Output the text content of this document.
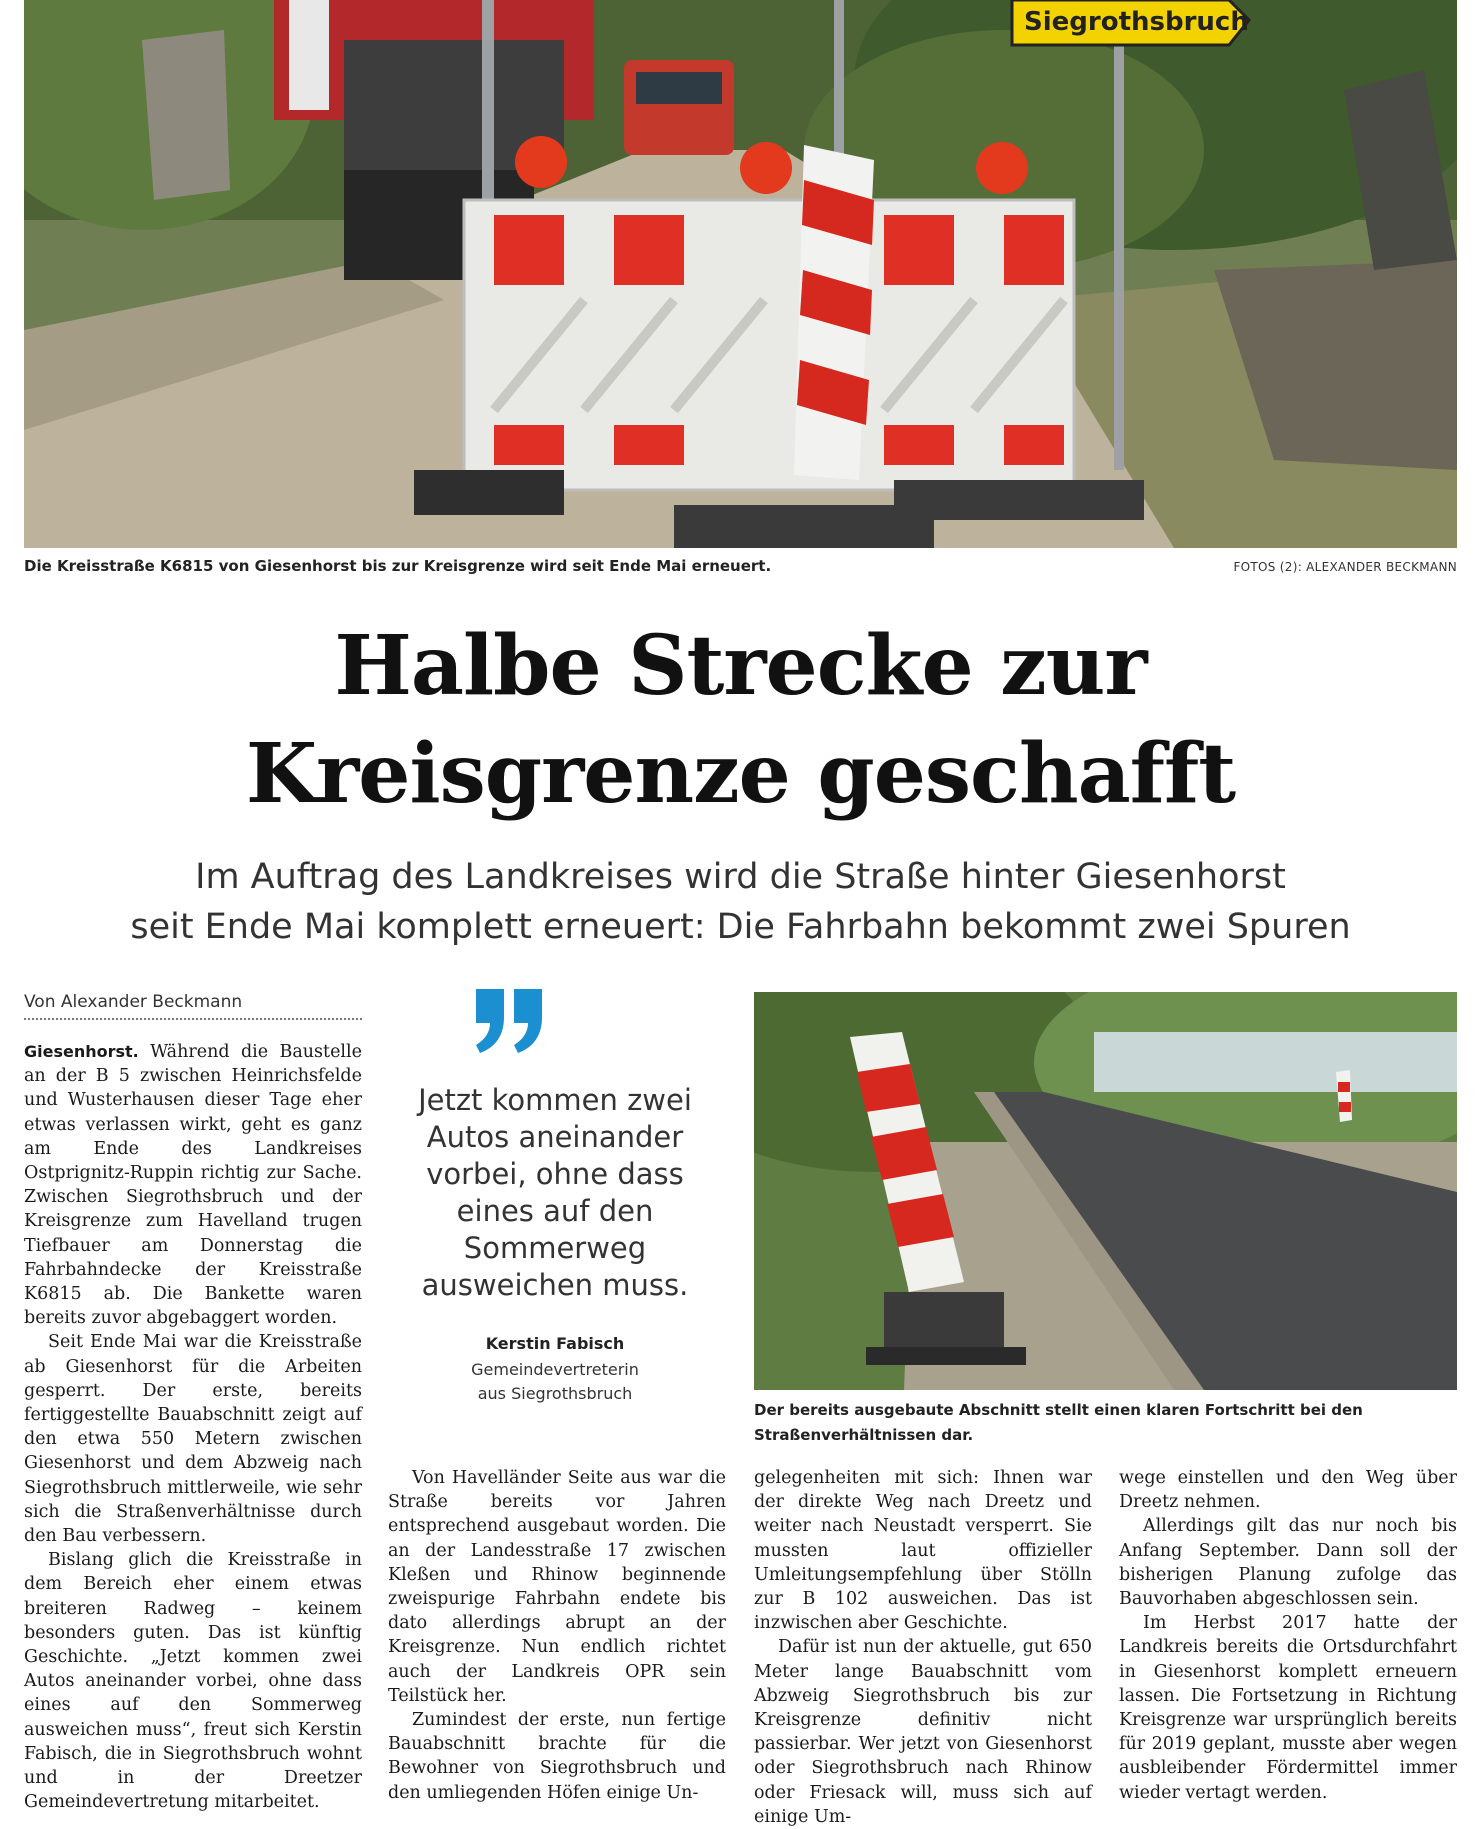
Siegrothsbruch
Die Kreisstraße K6815 von Giesenhorst bis zur Kreisgrenze wird seit Ende Mai erneuert.	FOTOS (2): ALEXANDER BECKMANN
Halbe Strecke zur
Kreisgrenze geschafft
Im Auftrag des Landkreises wird die Straße hinter Giesenhorst
seit Ende Mai komplett erneuert: Die Fahrbahn bekommt zwei Spuren
Von Alexander Beckmann

Giesenhorst. Während die Baustelle an der B 5 zwischen Heinrichsfelde und Wusterhausen dieser Tage eher etwas verlassen wirkt, geht es ganz am Ende des Landkreises Ostprignitz-Ruppin richtig zur Sache. Zwischen Siegrothsbruch und der Kreisgrenze zum Havelland trugen Tiefbauer am Donnerstag die Fahrbahndecke der Kreisstraße K6815 ab. Die Bankette waren bereits zuvor abgebaggert worden.

Seit Ende Mai war die Kreisstraße ab Giesenhorst für die Arbeiten gesperrt. Der erste, bereits fertiggestellte Bauabschnitt zeigt auf den etwa 550 Metern zwischen Giesenhorst und dem Abzweig nach Siegrothsbruch mittlerweile, wie sehr sich die Straßenverhältnisse durch den Bau verbessern.

Bislang glich die Kreisstraße in dem Bereich eher einem etwas breiteren Radweg – keinem besonders guten. Das ist künftig Geschichte. „Jetzt kommen zwei Autos aneinander vorbei, ohne dass eines auf den Sommerweg ausweichen muss“, freut sich Kerstin Fabisch, die in Siegrothsbruch wohnt und in der Dreetzer Gemeindevertretung mitarbeitet.

Jetzt kommen zwei Autos aneinander vorbei, ohne dass eines auf den Sommerweg ausweichen muss.
Kerstin Fabisch
Gemeindevertreterin
aus Siegrothsbruch
Der bereits ausgebaute Abschnitt stellt einen klaren Fortschritt bei den Straßenverhältnissen dar.

Von Havelländer Seite aus war die Straße bereits vor Jahren entsprechend ausgebaut worden. Die an der Landesstraße 17 zwischen Kleßen und Rhinow beginnende zweispurige Fahrbahn endete bis dato allerdings abrupt an der Kreisgrenze. Nun endlich richtet auch der Landkreis OPR sein Teilstück her.

Zumindest der erste, nun fertige Bauabschnitt brachte für die Bewohner von Siegrothsbruch und den umliegenden Höfen einige Un-

gelegenheiten mit sich: Ihnen war der direkte Weg nach Dreetz und weiter nach Neustadt versperrt. Sie mussten laut offizieller Umleitungsempfehlung über Stölln zur B 102 ausweichen. Das ist inzwischen aber Geschichte.

Dafür ist nun der aktuelle, gut 650 Meter lange Bauabschnitt vom Abzweig Siegrothsbruch bis zur Kreisgrenze definitiv nicht passierbar. Wer jetzt von Giesenhorst oder Siegrothsbruch nach Rhinow oder Friesack will, muss sich auf einige Um-

wege einstellen und den Weg über Dreetz nehmen.

Allerdings gilt das nur noch bis Anfang September. Dann soll der bisherigen Planung zufolge das Bauvorhaben abgeschlossen sein.

Im Herbst 2017 hatte der Landkreis bereits die Ortsdurchfahrt in Giesenhorst komplett erneuern lassen. Die Fortsetzung in Richtung Kreisgrenze war ursprünglich bereits für 2019 geplant, musste aber wegen ausbleibender Fördermittel immer wieder vertagt werden.
